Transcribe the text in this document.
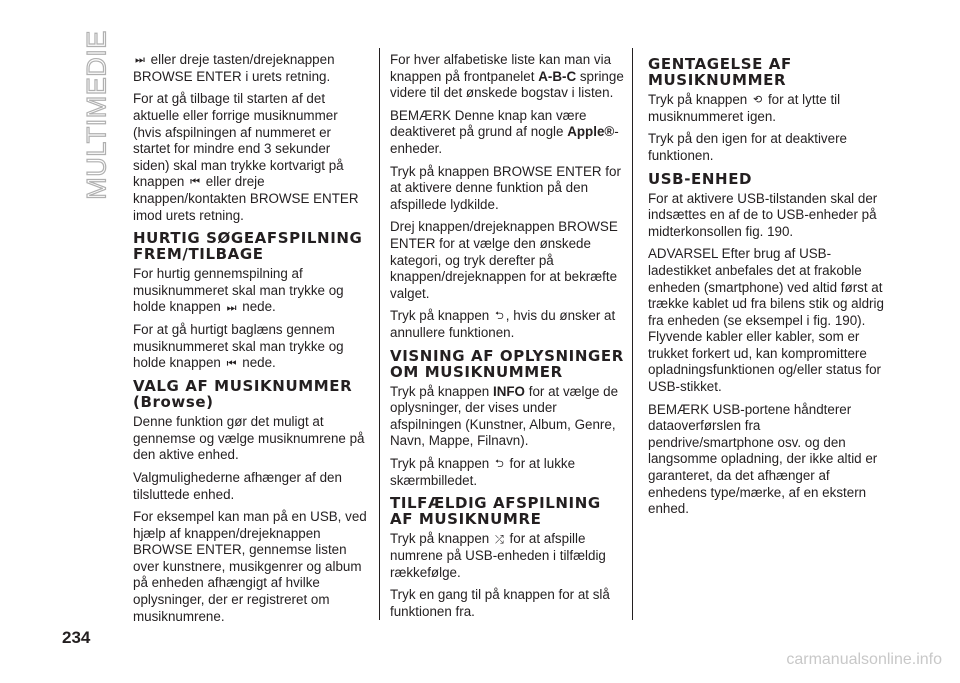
MULTIMEDIE ⏭ eller dreje tasten/drejeknappen BROWSE ENTER i urets retning.

For at gå tilbage til starten af det aktuelle eller forrige musiknummer (hvis afspilningen af nummeret er startet for mindre end 3 sekunder siden) skal man trykke kortvarigt på knappen ⏮ eller dreje knappen/kontakten BROWSE ENTER imod urets retning.

HURTIG SØGEAFSPILNING FREM/TILBAGE

For hurtig gennemspilning af musiknummeret skal man trykke og holde knappen ⏭ nede.

For at gå hurtigt baglæns gennem musiknummeret skal man trykke og holde knappen ⏮ nede.

VALG AF MUSIKNUMMER (Browse)

Denne funktion gør det muligt at gennemse og vælge musiknumrene på den aktive enhed.

Valgmulighederne afhænger af den tilsluttede enhed.

For eksempel kan man på en USB, ved hjælp af knappen/drejeknappen BROWSE ENTER, gennemse listen over kunstnere, musikgenrer og album på enheden afhængigt af hvilke oplysninger, der er registreret om musiknumrene.

For hver alfabetiske liste kan man via knappen på frontpanelet A-B-C springe videre til det ønskede bogstav i listen.

BEMÆRK Denne knap kan være deaktiveret på grund af nogle Apple®-enheder.

Tryk på knappen BROWSE ENTER for at aktivere denne funktion på den afspillede lydkilde.

Drej knappen/drejeknappen BROWSE ENTER for at vælge den ønskede kategori, og tryk derefter på knappen/drejeknappen for at bekræfte valget.

Tryk på knappen ⮌ , hvis du ønsker at annullere funktionen.

VISNING AF OPLYSNINGER OM MUSIKNUMMER

Tryk på knappen INFO for at vælge de oplysninger, der vises under afspilningen (Kunstner, Album, Genre, Navn, Mappe, Filnavn).

Tryk på knappen ⮌ for at lukke skærmbilledet.

TILFÆLDIG AFSPILNING AF MUSIKNUMRE

Tryk på knappen ⤮ for at afspille numrene på USB-enheden i tilfældig rækkefølge.

Tryk en gang til på knappen for at slå funktionen fra.

GENTAGELSE AF MUSIKNUMMER

Tryk på knappen ⟲ for at lytte til musiknummeret igen.

Tryk på den igen for at deaktivere funktionen.

USB-ENHED

For at aktivere USB-tilstanden skal der indsættes en af de to USB-enheder på midterkonsollen fig. 190.

ADVARSEL Efter brug af USB-ladestikket anbefales det at frakoble enheden (smartphone) ved altid først at trække kablet ud fra bilens stik og aldrig fra enheden (se eksempel i fig. 190). Flyvende kabler eller kabler, som er trukket forkert ud, kan kompromittere opladningsfunktionen og/eller status for USB-stikket.

BEMÆRK USB-portene håndterer dataoverførslen fra pendrive/smartphone osv. og den langsomme opladning, der ikke altid er garanteret, da det afhænger af enhedens type/mærke, af en ekstern enhed.

234
carmanualsonline.info
